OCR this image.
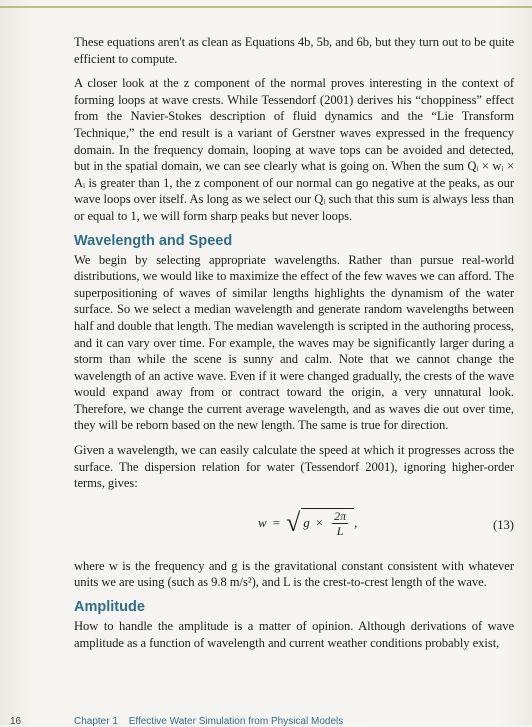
These equations aren't as clean as Equations 4b, 5b, and 6b, but they turn out to be quite efficient to compute.

A closer look at the z component of the normal proves interesting in the context of forming loops at wave crests. While Tessendorf (2001) derives his “choppiness” effect from the Navier-Stokes description of fluid dynamics and the “Lie Transform Technique,” the end result is a variant of Gerstner waves expressed in the frequency domain. In the frequency domain, looping at wave tops can be avoided and detected, but in the spatial domain, we can see clearly what is going on. When the sum Qᵢ × wᵢ × Aᵢ is greater than 1, the z component of our normal can go negative at the peaks, as our wave loops over itself. As long as we select our Qᵢ such that this sum is always less than or equal to 1, we will form sharp peaks but never loops.

Wavelength and Speed

We begin by selecting appropriate wavelengths. Rather than pursue real-world distributions, we would like to maximize the effect of the few waves we can afford. The superpositioning of waves of similar lengths highlights the dynamism of the water surface. So we select a median wavelength and generate random wavelengths between half and double that length. The median wavelength is scripted in the authoring process, and it can vary over time. For example, the waves may be significantly larger during a storm than while the scene is sunny and calm. Note that we cannot change the wavelength of an active wave. Even if it were changed gradually, the crests of the wave would expand away from or contract toward the origin, a very unnatural look. Therefore, we change the current average wavelength, and as waves die out over time, they will be reborn based on the new length. The same is true for direction.

Given a wavelength, we can easily calculate the speed at which it progresses across the surface. The dispersion relation for water (Tessendorf 2001), ignoring higher-order terms, gives:

w = √ $g \times \frac{2\pi}{L}$ ,	(13)

where w is the frequency and g is the gravitational constant consistent with whatever units we are using (such as 9.8 m/s²), and L is the crest-to-crest length of the wave.

Amplitude

How to handle the amplitude is a matter of opinion. Although derivations of wave amplitude as a function of wavelength and current weather conditions probably exist,

16	Chapter 1 Effective Water Simulation from Physical Models
